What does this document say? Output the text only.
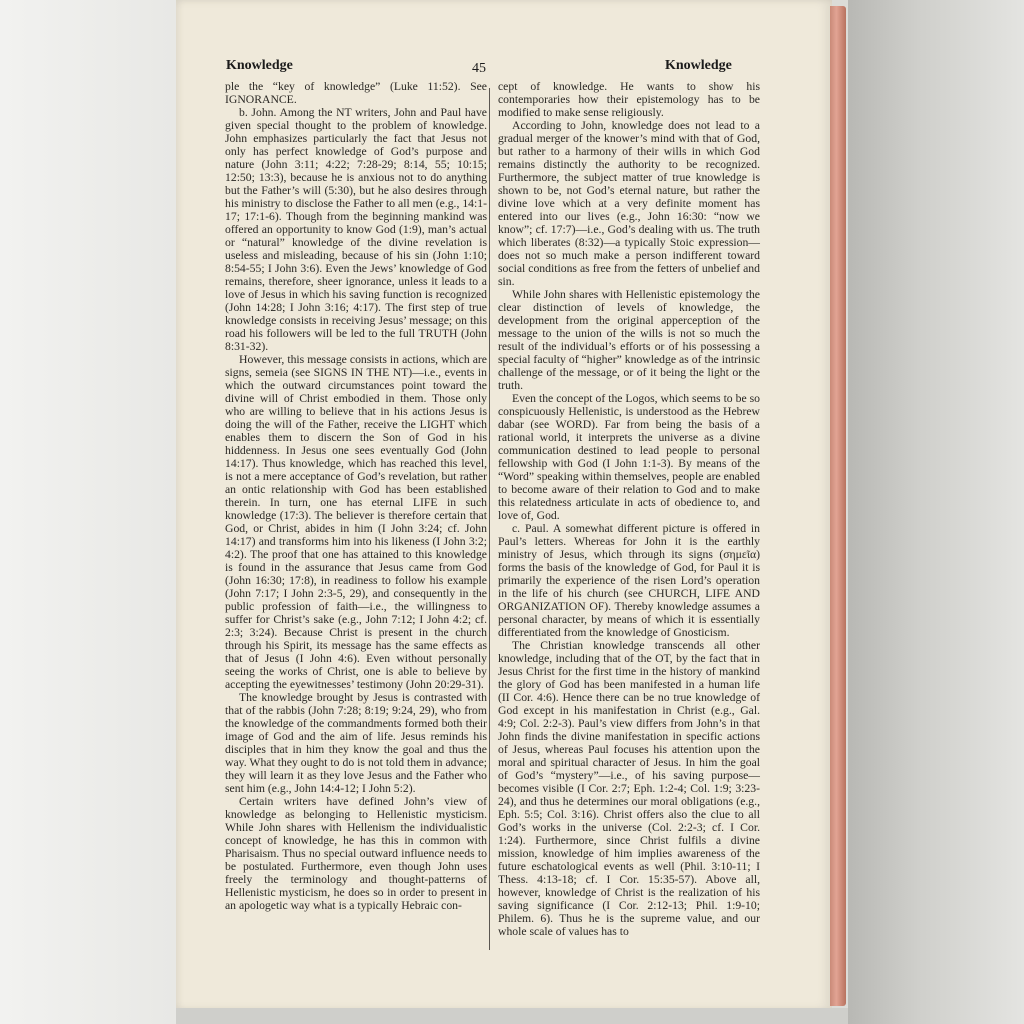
Knowledge	45	Knowledge

ple the “key of knowledge” (Luke 11:52). See IGNORANCE.

b. John. Among the NT writers, John and Paul have given special thought to the problem of knowledge. John emphasizes particularly the fact that Jesus not only has perfect knowledge of God’s purpose and nature (John 3:11; 4:22; 7:28-29; 8:14, 55; 10:15; 12:50; 13:3), because he is anxious not to do anything but the Father’s will (5:30), but he also desires through his ministry to disclose the Father to all men (e.g., 14:1-17; 17:1-6). Though from the beginning mankind was offered an opportunity to know God (1:9), man’s actual or “natural” knowledge of the divine revelation is useless and misleading, because of his sin (John 1:10; 8:54-55; I John 3:6). Even the Jews’ knowledge of God remains, therefore, sheer ignorance, unless it leads to a love of Jesus in which his saving function is recognized (John 14:28; I John 3:16; 4:17). The first step of true knowledge consists in receiving Jesus’ message; on this road his followers will be led to the full TRUTH (John 8:31-32).

However, this message consists in actions, which are signs, semeia (see SIGNS IN THE NT)—i.e., events in which the outward circumstances point toward the divine will of Christ embodied in them. Those only who are willing to believe that in his actions Jesus is doing the will of the Father, receive the LIGHT which enables them to discern the Son of God in his hiddenness. In Jesus one sees eventually God (John 14:17). Thus knowledge, which has reached this level, is not a mere acceptance of God’s revelation, but rather an ontic relationship with God has been established therein. In turn, one has eternal LIFE in such knowledge (17:3). The believer is therefore certain that God, or Christ, abides in him (I John 3:24; cf. John 14:17) and transforms him into his likeness (I John 3:2; 4:2). The proof that one has attained to this knowledge is found in the assurance that Jesus came from God (John 16:30; 17:8), in readiness to follow his example (John 7:17; I John 2:3-5, 29), and consequently in the public profession of faith—i.e., the willingness to suffer for Christ’s sake (e.g., John 7:12; I John 4:2; cf. 2:3; 3:24). Because Christ is present in the church through his Spirit, its message has the same effects as that of Jesus (I John 4:6). Even without personally seeing the works of Christ, one is able to believe by accepting the eyewitnesses’ testimony (John 20:29-31).

The knowledge brought by Jesus is contrasted with that of the rabbis (John 7:28; 8:19; 9:24, 29), who from the knowledge of the commandments formed both their image of God and the aim of life. Jesus reminds his disciples that in him they know the goal and thus the way. What they ought to do is not told them in advance; they will learn it as they love Jesus and the Father who sent him (e.g., John 14:4-12; I John 5:2).

Certain writers have defined John’s view of knowledge as belonging to Hellenistic mysticism. While John shares with Hellenism the individualistic concept of knowledge, he has this in common with Pharisaism. Thus no special outward influence needs to be postulated. Furthermore, even though John uses freely the terminology and thought-patterns of Hellenistic mysticism, he does so in order to present in an apologetic way what is a typically Hebraic con-

cept of knowledge. He wants to show his contemporaries how their epistemology has to be modified to make sense religiously.

According to John, knowledge does not lead to a gradual merger of the knower’s mind with that of God, but rather to a harmony of their wills in which God remains distinctly the authority to be recognized. Furthermore, the subject matter of true knowledge is shown to be, not God’s eternal nature, but rather the divine love which at a very definite moment has entered into our lives (e.g., John 16:30: “now we know”; cf. 17:7)—i.e., God’s dealing with us. The truth which liberates (8:32)—a typically Stoic expression—does not so much make a person indifferent toward social conditions as free from the fetters of unbelief and sin.

While John shares with Hellenistic epistemology the clear distinction of levels of knowledge, the development from the original apperception of the message to the union of the wills is not so much the result of the individual’s efforts or of his possessing a special faculty of “higher” knowledge as of the intrinsic challenge of the message, or of it being the light or the truth.

Even the concept of the Logos, which seems to be so conspicuously Hellenistic, is understood as the Hebrew dabar (see WORD). Far from being the basis of a rational world, it interprets the universe as a divine communication destined to lead people to personal fellowship with God (I John 1:1-3). By means of the “Word” speaking within themselves, people are enabled to become aware of their relation to God and to make this relatedness articulate in acts of obedience to, and love of, God.

c. Paul. A somewhat different picture is offered in Paul’s letters. Whereas for John it is the earthly ministry of Jesus, which through its signs (σημεῖα) forms the basis of the knowledge of God, for Paul it is primarily the experience of the risen Lord’s operation in the life of his church (see CHURCH, LIFE AND ORGANIZATION OF). Thereby knowledge assumes a personal character, by means of which it is essentially differentiated from the knowledge of Gnosticism.

The Christian knowledge transcends all other knowledge, including that of the OT, by the fact that in Jesus Christ for the first time in the history of mankind the glory of God has been manifested in a human life (II Cor. 4:6). Hence there can be no true knowledge of God except in his manifestation in Christ (e.g., Gal. 4:9; Col. 2:2-3). Paul’s view differs from John’s in that John finds the divine manifestation in specific actions of Jesus, whereas Paul focuses his attention upon the moral and spiritual character of Jesus. In him the goal of God’s “mystery”—i.e., of his saving purpose—becomes visible (I Cor. 2:7; Eph. 1:2-4; Col. 1:9; 3:23-24), and thus he determines our moral obligations (e.g., Eph. 5:5; Col. 3:16). Christ offers also the clue to all God’s works in the universe (Col. 2:2-3; cf. I Cor. 1:24). Furthermore, since Christ fulfils a divine mission, knowledge of him implies awareness of the future eschatological events as well (Phil. 3:10-11; I Thess. 4:13-18; cf. I Cor. 15:35-57). Above all, however, knowledge of Christ is the realization of his saving significance (I Cor. 2:12-13; Phil. 1:9-10; Philem. 6). Thus he is the supreme value, and our whole scale of values has to
